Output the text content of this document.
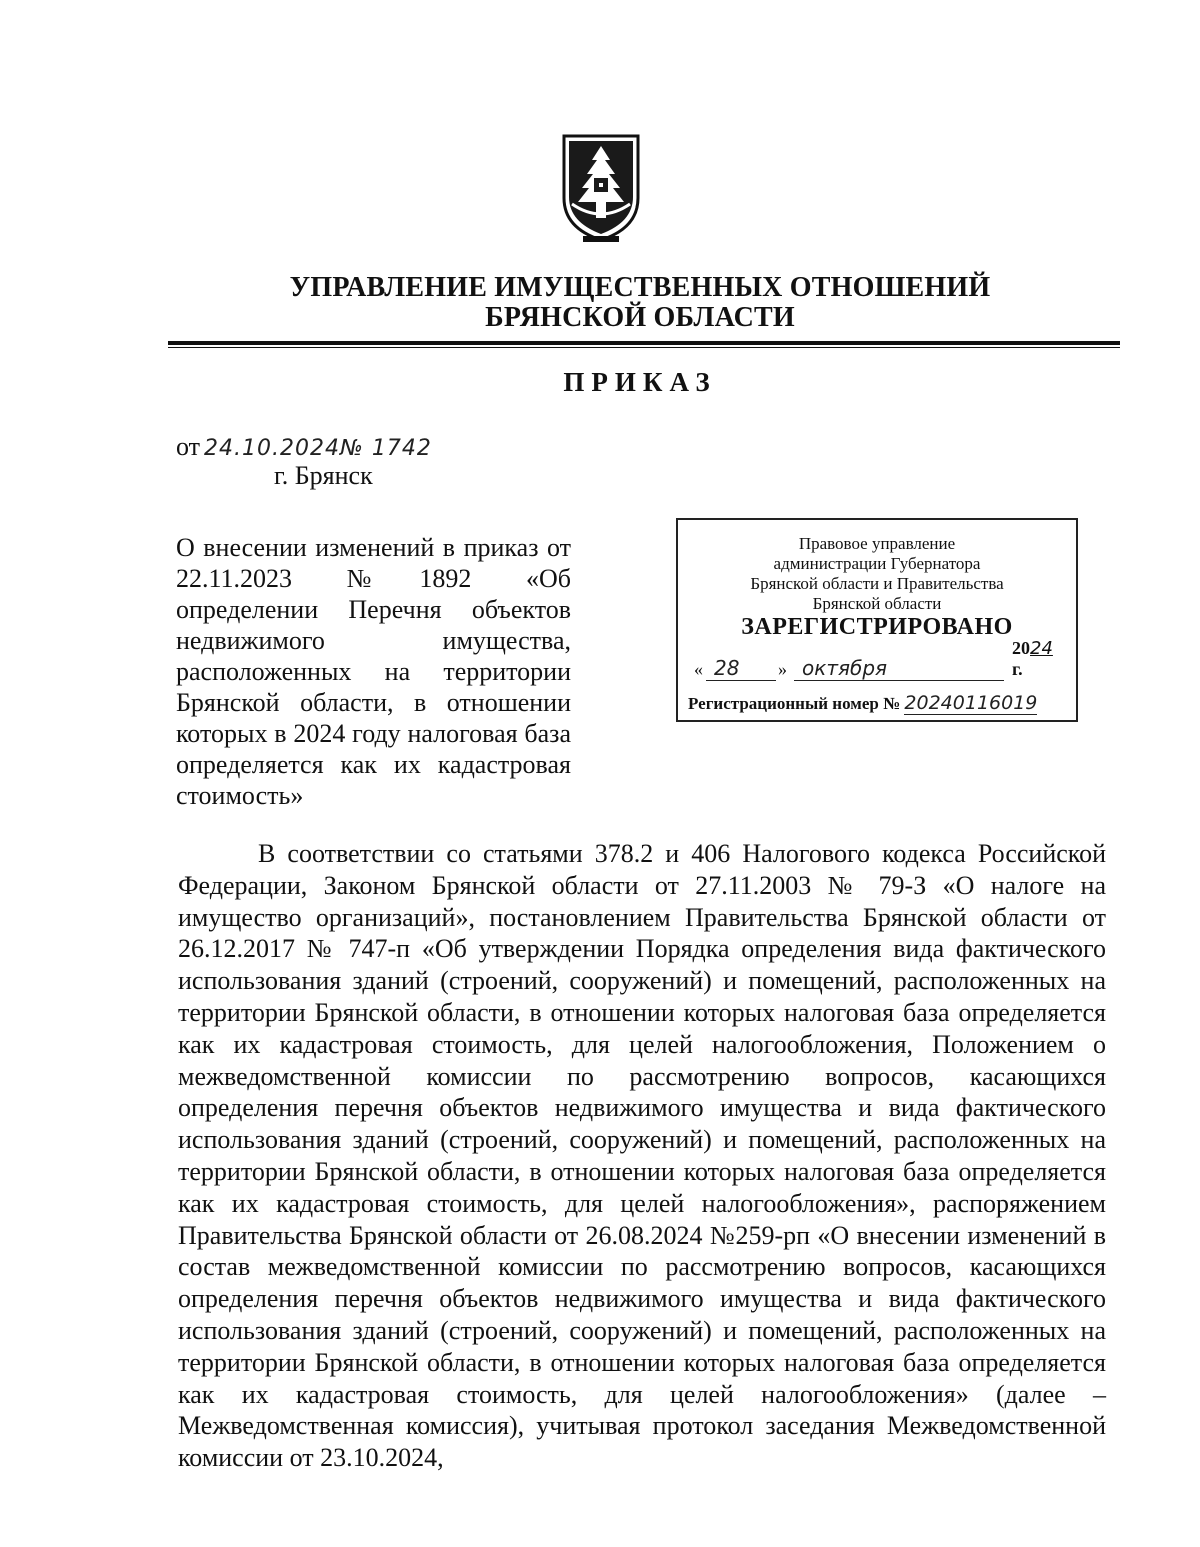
УПРАВЛЕНИЕ ИМУЩЕСТВЕННЫХ ОТНОШЕНИЙ
БРЯНСКОЙ ОБЛАСТИ
ПРИКАЗ
от 24.10.2024№ 1742
г. Брянск

О внесении изменений в приказ от 22.11.2023 №1892 «Об определении Перечня объектов недвижимого имущества, расположенных на территории Брянской области, в отношении которых в 2024 году налоговая база определяется как их кадастровая стоимость»

Правовое управление
администрации Губернатора
Брянской области и Правительства
Брянской области
ЗАРЕГИСТРИРОВАНО
« 28 » октября
2024 г.
Регистрационный номер № 20240116019

В соответствии со статьями 378.2 и 406 Налогового кодекса Российской Федерации, Законом Брянской области от 27.11.2003 № 79-З «О налоге на имущество организаций», постановлением Правительства Брянской области от 26.12.2017 № 747-п «Об утверждении Порядка определения вида фактического использования зданий (строений, сооружений) и помещений, расположенных на территории Брянской области, в отношении которых налоговая база определяется как их кадастровая стоимость, для целей налогообложения, Положением о межведомственной комиссии по рассмотрению вопросов, касающихся определения перечня объектов недвижимого имущества и вида фактического использования зданий (строений, сооружений) и помещений, расположенных на территории Брянской области, в отношении которых налоговая база определяется как их кадастровая стоимость, для целей налогообложения», распоряжением Правительства Брянской области от 26.08.2024 №259-рп «О внесении изменений в состав межведомственной комиссии по рассмотрению вопросов, касающихся определения перечня объектов недвижимого имущества и вида фактического использования зданий (строений, сооружений) и помещений, расположенных на территории Брянской области, в отношении которых налоговая база определяется как их кадастровая стоимость, для целей налогообложения» (далее – Межведомственная комиссия), учитывая протокол заседания Межведомственной комиссии от 23.10.2024,
